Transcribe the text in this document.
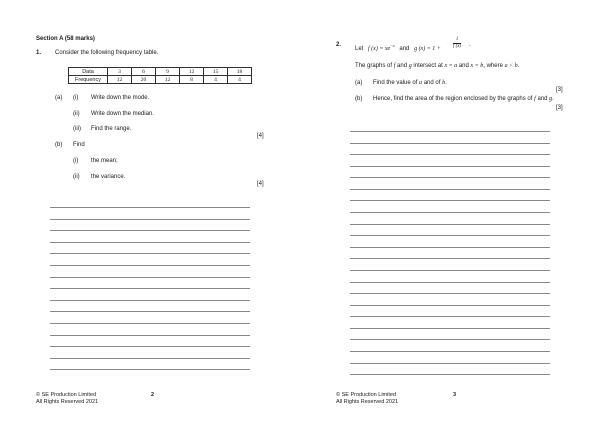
Section A (58 marks)
1. Consider the following frequency table.
Data	3	6	9	12	15	18
Frequency	12	20	12	8	4	4
(a) (i) Write down the mode.
(ii) Write down the median.
(iii) Find the range.
[4]
(b) Find
(i) the mean;
(ii) the variance.
[4]
© SE Production Limited
All Rights Reserved 2021
2
2.
Let f $(x) = xe^{-x}$ and g $(x) = 1 + \frac{1}{f (x)}$ .
The graphs of f and g intersect at x = a and x = b, where a < b.
(a) Find the value of a and of b.
[3]
(b) Hence, find the area of the region enclosed by the graphs of f and g.
[3]
© SE Production Limited
All Rights Reserved 2021
3
